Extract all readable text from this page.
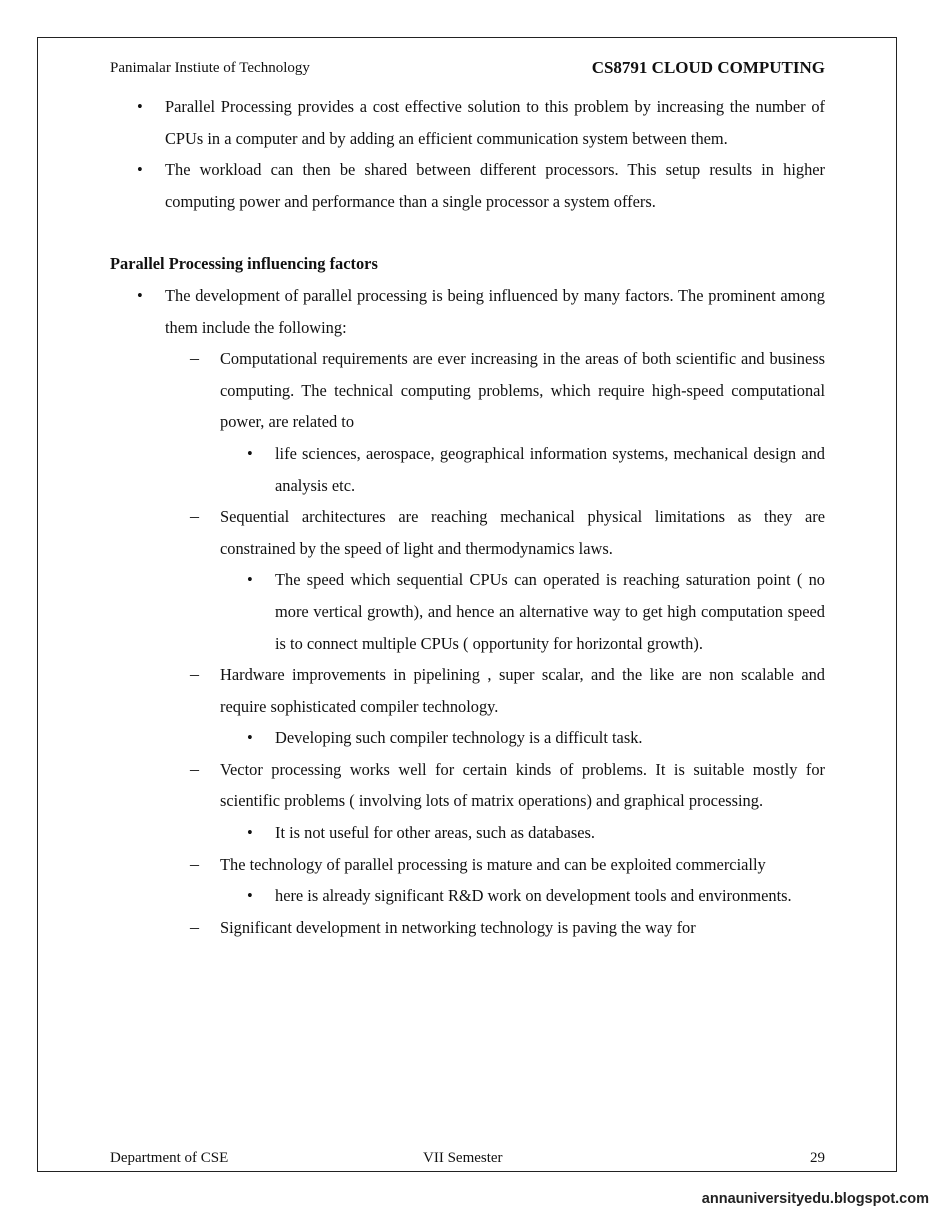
Panimalar Instiute of Technology	CS8791 CLOUD COMPUTING
• Parallel Processing provides a cost effective solution to this problem by increasing the number of CPUs in a computer and by adding an efficient communication system between them.
• The workload can then be shared between different processors. This setup results in higher computing power and performance than a single processor a system offers.
Parallel Processing influencing factors
• The development of parallel processing is being influenced by many factors. The prominent among them include the following:
– Computational requirements are ever increasing in the areas of both scientific and business computing. The technical computing problems, which require high-speed computational power, are related to
• life sciences, aerospace, geographical information systems, mechanical design and analysis etc.
– Sequential architectures are reaching mechanical physical limitations as they are constrained by the speed of light and thermodynamics laws.
• The speed which sequential CPUs can operated is reaching saturation point ( no more vertical growth), and hence an alternative way to get high computation speed is to connect multiple CPUs ( opportunity for horizontal growth).
– Hardware improvements in pipelining , super scalar, and the like are non scalable and require sophisticated compiler technology.
• Developing such compiler technology is a difficult task.
– Vector processing works well for certain kinds of problems. It is suitable mostly for scientific problems ( involving lots of matrix operations) and graphical processing.
• It is not useful for other areas, such as databases.
– The technology of parallel processing is mature and can be exploited commercially
• here is already significant R&D work on development tools and environments.
– Significant development in networking technology is paving the way for
Department of CSE	VII Semester	29
annauniversityedu.blogspot.com
